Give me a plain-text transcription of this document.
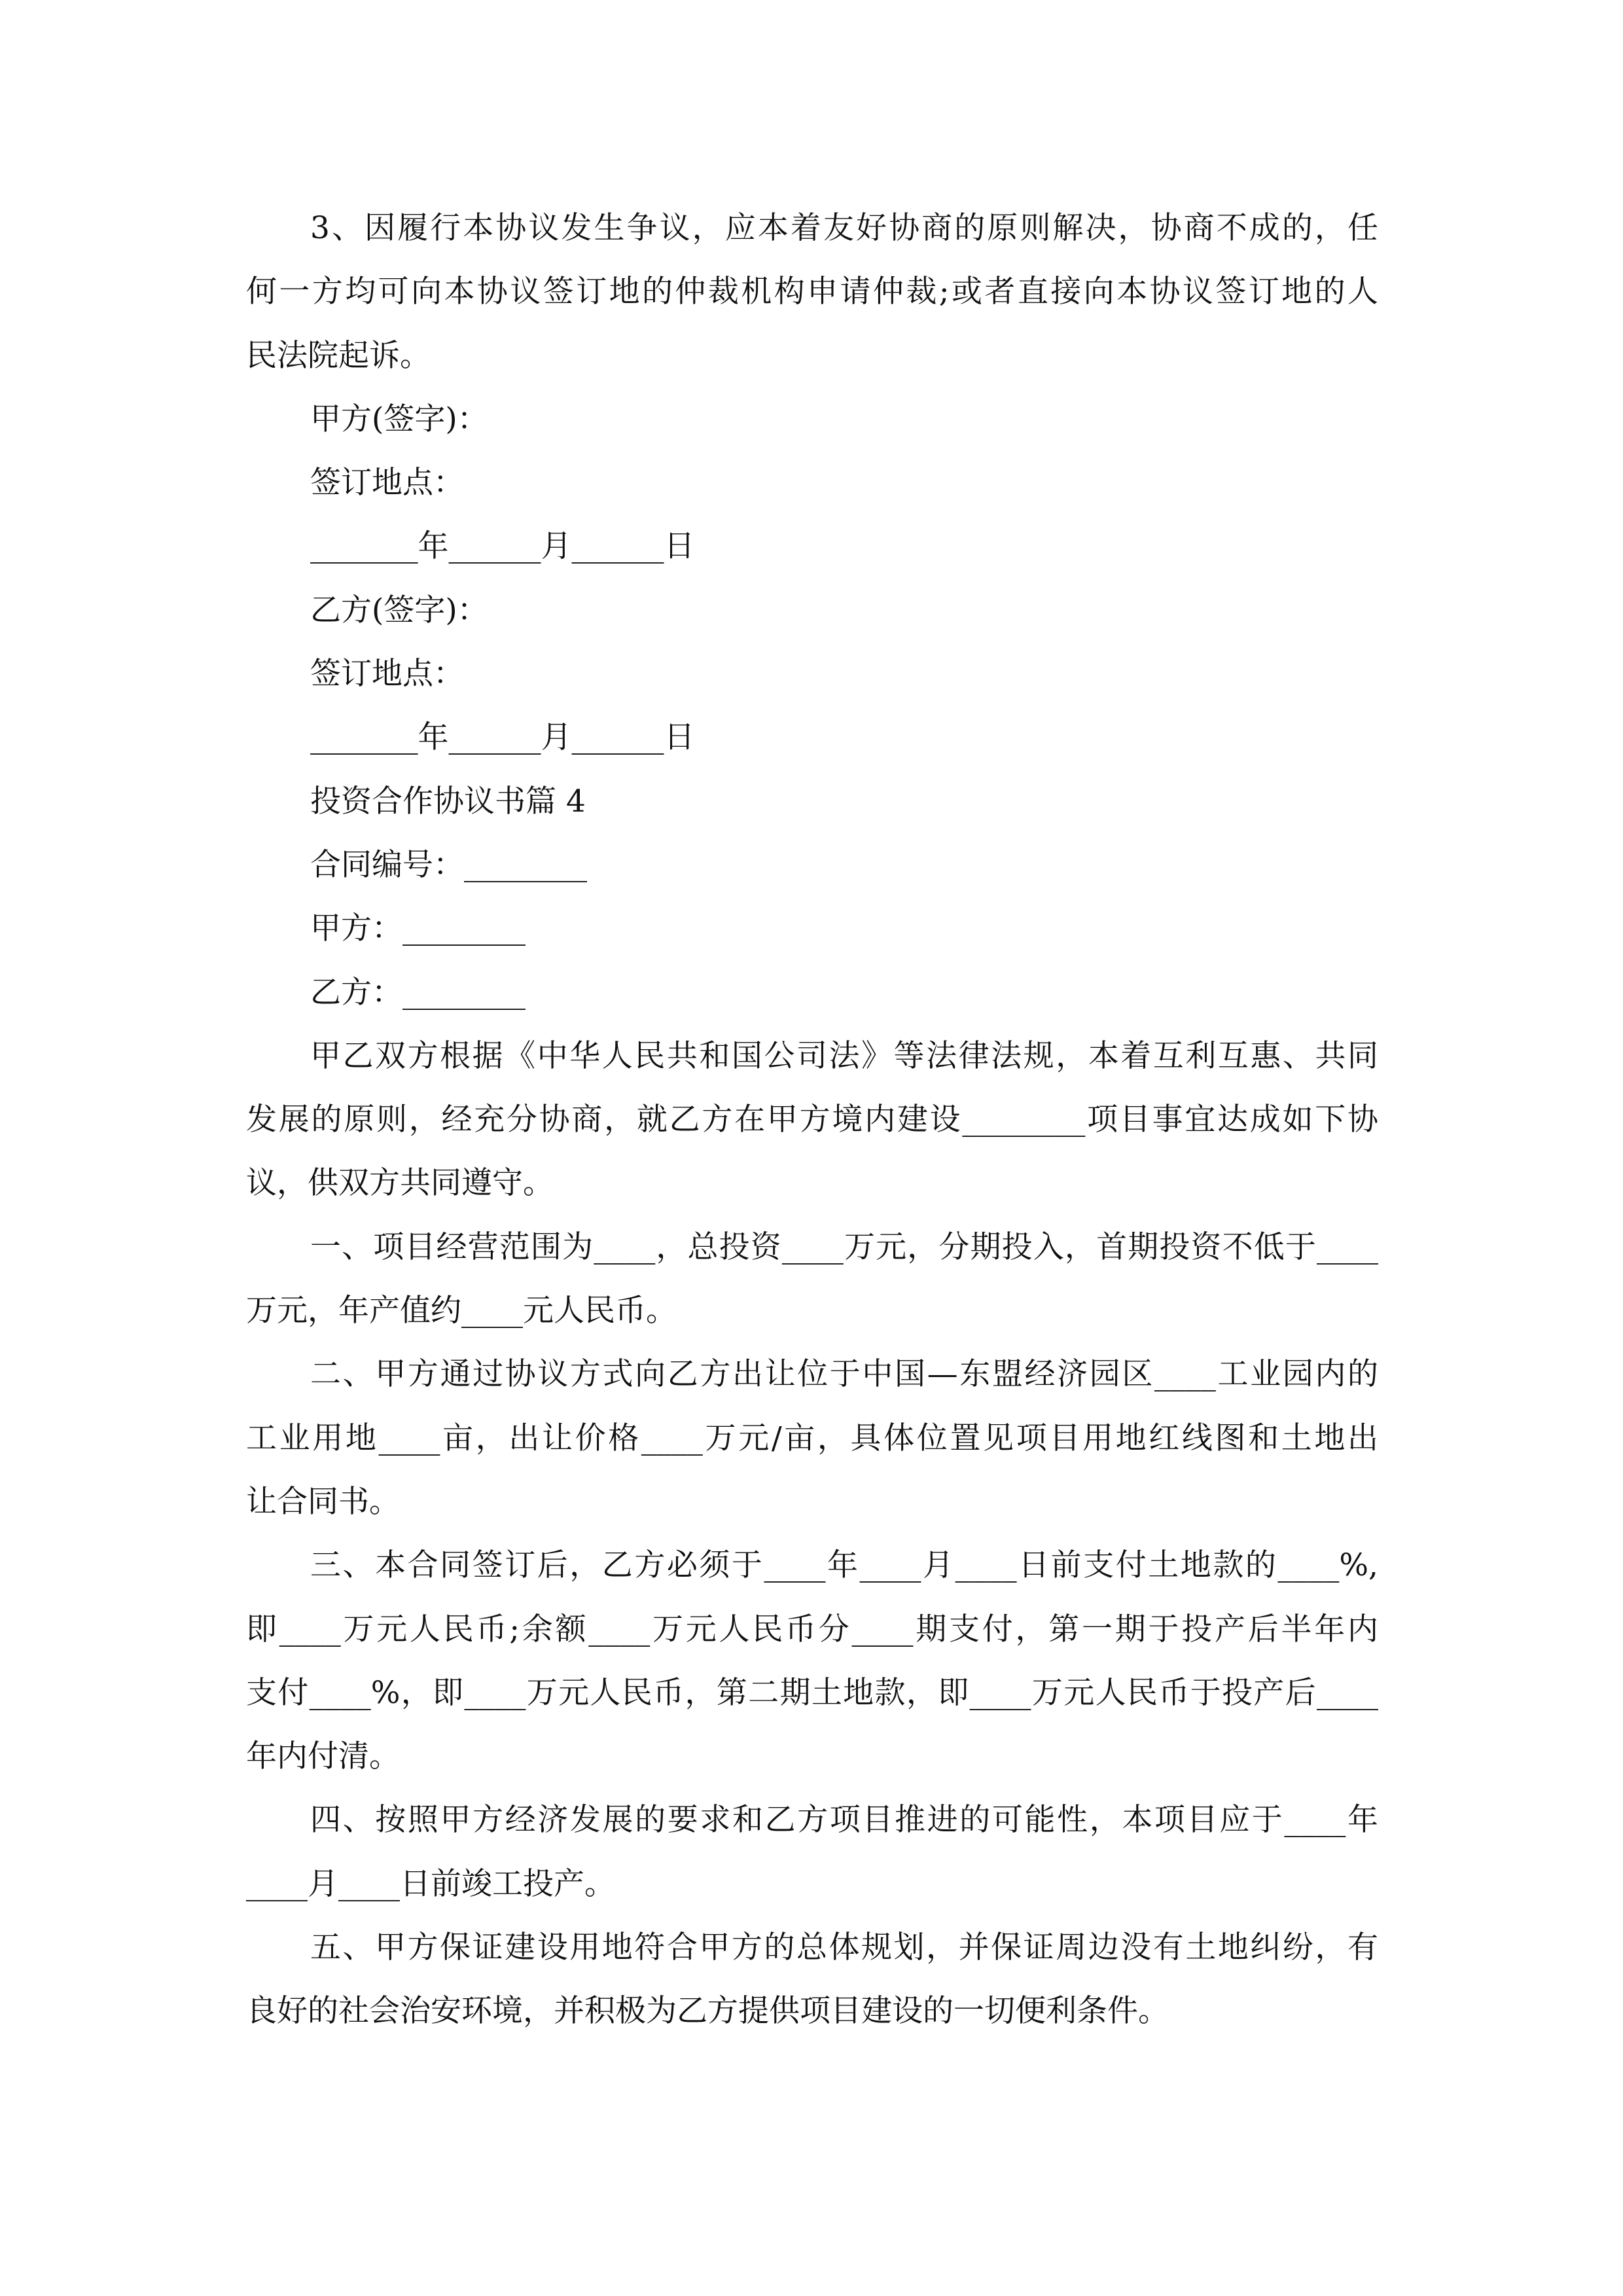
3、因履行本协议发生争议，应本着友好协商的原则解决，协商不成的，任
何一方均可向本协议签订地的仲裁机构申请仲裁;或者直接向本协议签订地的人
民法院起诉。
甲方(签字)：
签订地点：
_______年______月______日
乙方(签字)：
签订地点：
_______年______月______日
投资合作协议书篇 4
合同编号：________
甲方：________
乙方：________
甲乙双方根据《中华人民共和国公司法》等法律法规，本着互利互惠、共同
发展的原则，经充分协商，就乙方在甲方境内建设________项目事宜达成如下协
议，供双方共同遵守。
一、项目经营范围为____，总投资____万元，分期投入，首期投资不低于____
万元，年产值约____元人民币。
二、甲方通过协议方式向乙方出让位于中国—东盟经济园区____工业园内的
工业用地____亩，出让价格____万元/亩，具体位置见项目用地红线图和土地出
让合同书。
三、本合同签订后，乙方必须于____年____月____日前支付土地款的____%,
即____万元人民币;余额____万元人民币分____期支付，第一期于投产后半年内
支付____%，即____万元人民币，第二期土地款，即____万元人民币于投产后____
年内付清。
四、按照甲方经济发展的要求和乙方项目推进的可能性，本项目应于____年
____月____日前竣工投产。
五、甲方保证建设用地符合甲方的总体规划，并保证周边没有土地纠纷，有
良好的社会治安环境，并积极为乙方提供项目建设的一切便利条件。
